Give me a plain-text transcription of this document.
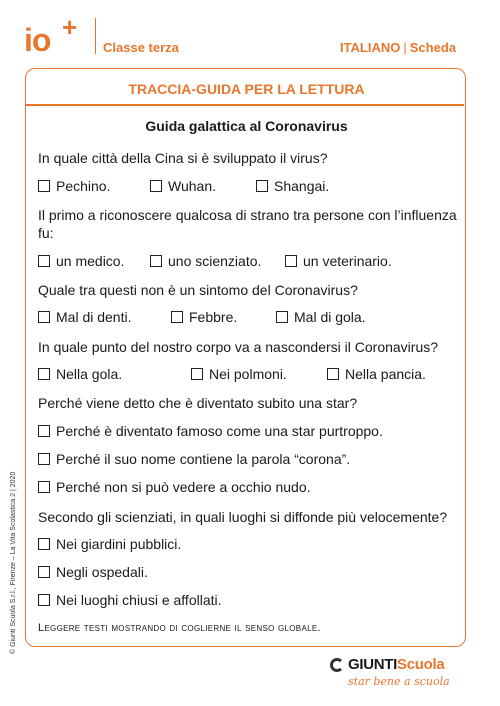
io +
Classe terza	ITALIANO | Scheda
TRACCIA-GUIDA PER LA LETTURA
Guida galattica al Coronavirus
In quale città della Cina si è sviluppato il virus?
Pechino.	Wuhan.	Shangai.
Il primo a riconoscere qualcosa di strano tra persone con l’influenza fu:
un medico.	uno scienziato.	un veterinario.
Quale tra questi non è un sintomo del Coronavirus?
Mal di denti.	Febbre.	Mal di gola.
In quale punto del nostro corpo va a nascondersi il Coronavirus?
Nella gola.	Nei polmoni.	Nella pancia.
Perché viene detto che è diventato subito una star?
Perché è diventato famoso come una star purtroppo.
Perché il suo nome contiene la parola “corona”.
Perché non si può vedere a occhio nudo.
Secondo gli scienziati, in quali luoghi si diffonde più velocemente?
Nei giardini pubblici.
Negli ospedali.
Nei luoghi chiusi e affollati.
Leggere testi mostrando di coglierne il senso globale.
© Giunti Scuola S.r.l., Firenze – La Vita Scolastica 2 | 2020
GIUNTIScuola
star bene a scuola
